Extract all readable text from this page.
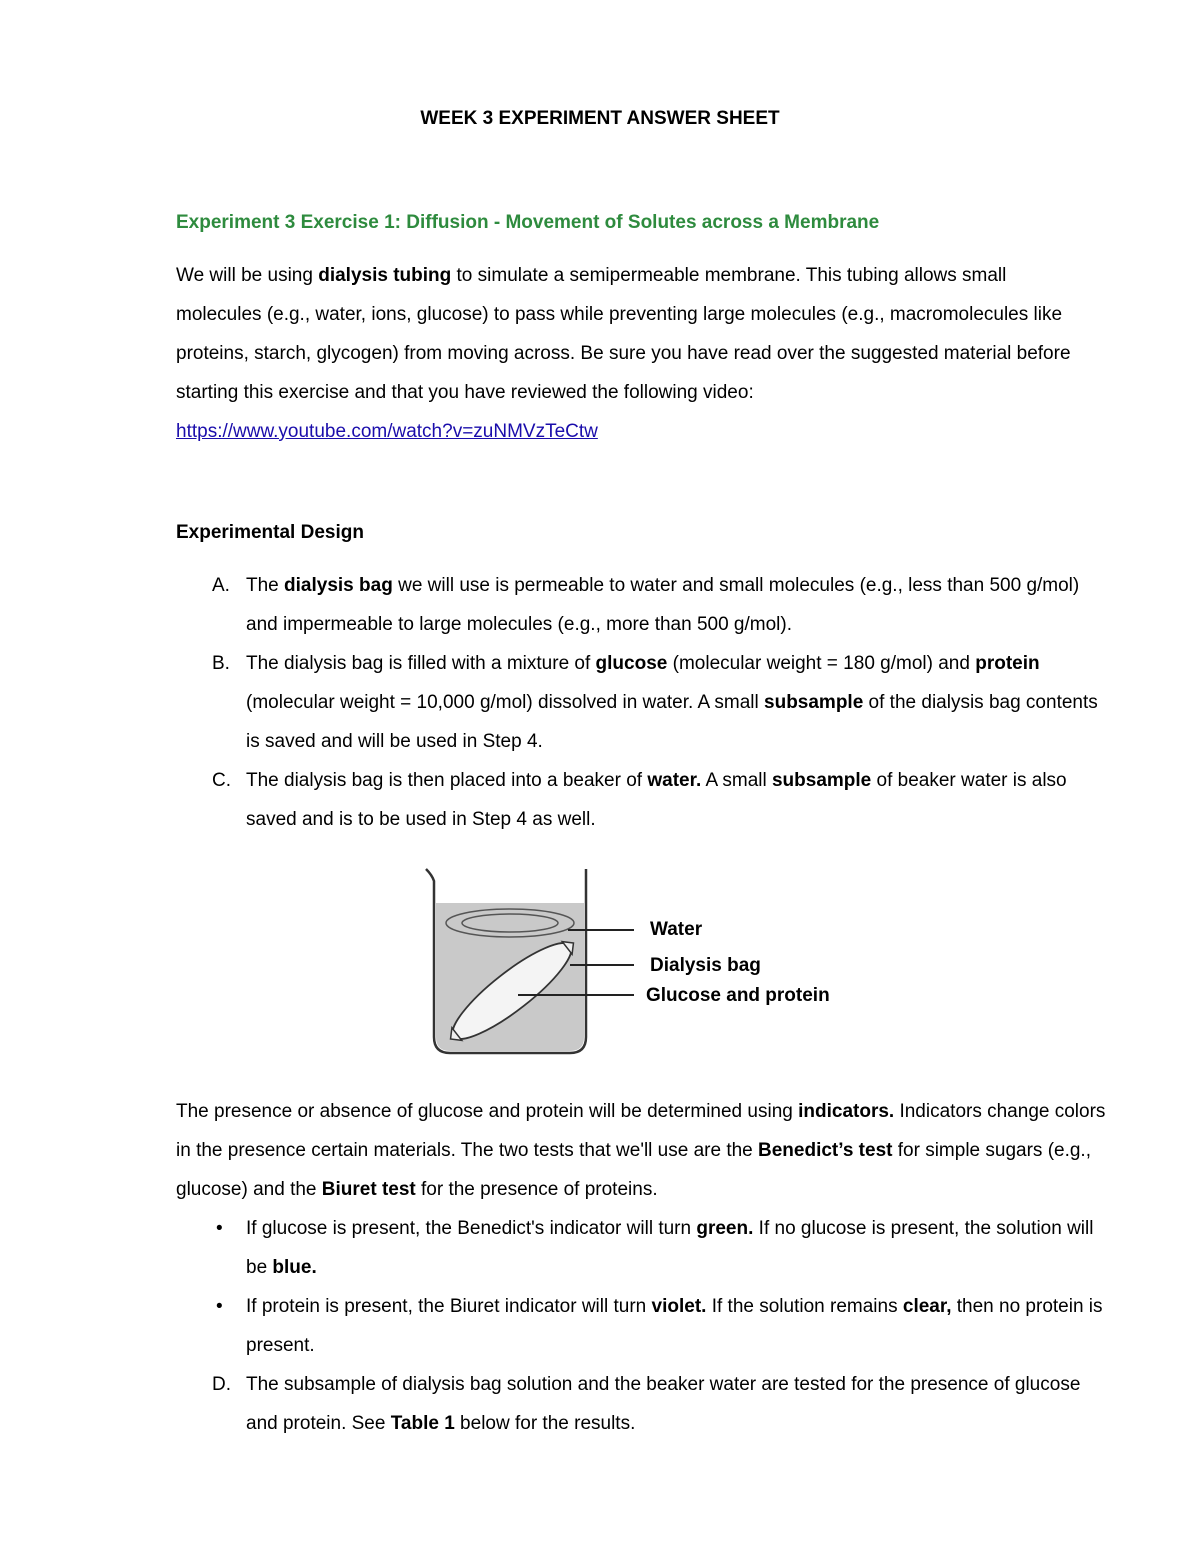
WEEK 3 EXPERIMENT ANSWER SHEET
Experiment 3 Exercise 1: Diffusion - Movement of Solutes across a Membrane

We will be using dialysis tubing to simulate a semipermeable membrane. This tubing allows small molecules (e.g., water, ions, glucose) to pass while preventing large molecules (e.g., macromolecules like proteins, starch, glycogen) from moving across. Be sure you have read over the suggested material before starting this exercise and that you have reviewed the following video:

https://www.youtube.com/watch?v=zuNMVzTeCtw

Experimental Design
A. The dialysis bag we will use is permeable to water and small molecules (e.g., less than 500 g/mol) and impermeable to large molecules (e.g., more than 500 g/mol).
B. The dialysis bag is filled with a mixture of glucose (molecular weight = 180 g/mol) and protein (molecular weight = 10,000 g/mol) dissolved in water. A small subsample of the dialysis bag contents is saved and will be used in Step 4.
C. The dialysis bag is then placed into a beaker of water. A small subsample of beaker water is also saved and is to be used in Step 4 as well.
Water
Dialysis bag
Glucose and protein
The presence or absence of glucose and protein will be determined using indicators. Indicators change colors in the presence certain materials. The two tests that we'll use are the Benedict’s test for simple sugars (e.g., glucose) and the Biuret test for the presence of proteins.
• If glucose is present, the Benedict's indicator will turn green. If no glucose is present, the solution will be blue.
• If protein is present, the Biuret indicator will turn violet. If the solution remains clear, then no protein is present.
D. The subsample of dialysis bag solution and the beaker water are tested for the presence of glucose and protein. See Table 1 below for the results.
